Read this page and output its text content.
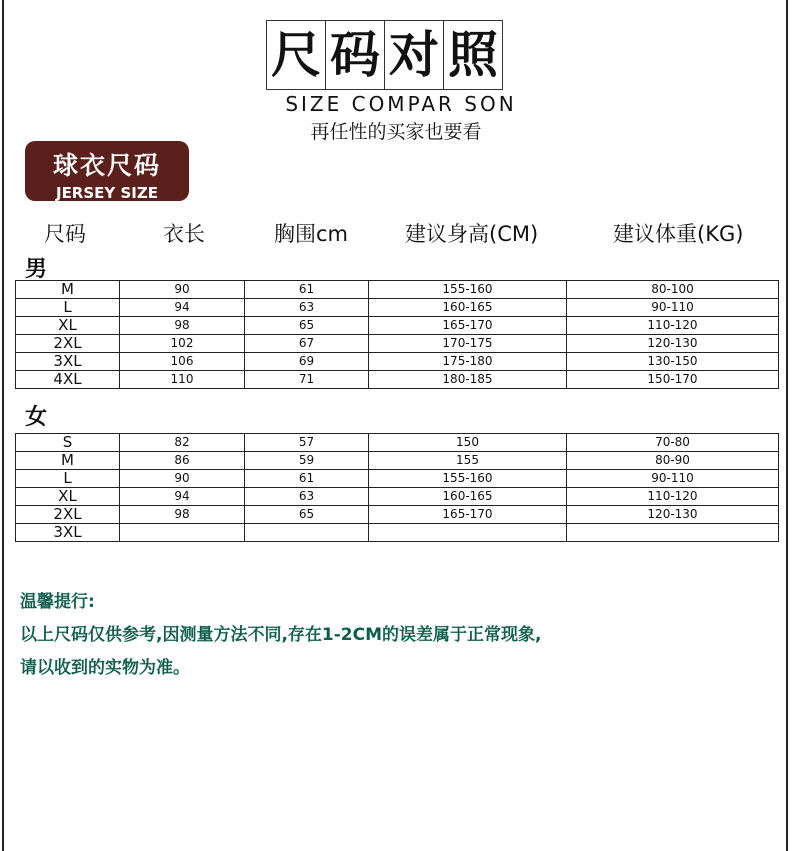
尺 码 对 照
SIZE COMPAR SON
再任性的买家也要看
球衣尺码
JERSEY SIZE
尺码	衣长	胸围cm	建议身高(CM)	建议体重(KG)
男
M	90	61	155-160	80-100
L	94	63	160-165	90-110
XL	98	65	165-170	110-120
2XL	102	67	170-175	120-130
3XL	106	69	175-180	130-150
4XL	110	71	180-185	150-170
女
S	82	57	150	70-80
M	86	59	155	80-90
L	90	61	155-160	90-110
XL	94	63	160-165	110-120
2XL	98	65	165-170	120-130
3XL				
温馨提行:
以上尺码仅供参考,因测量方法不同,存在1-2CM的误差属于正常现象,
请以收到的实物为准。
